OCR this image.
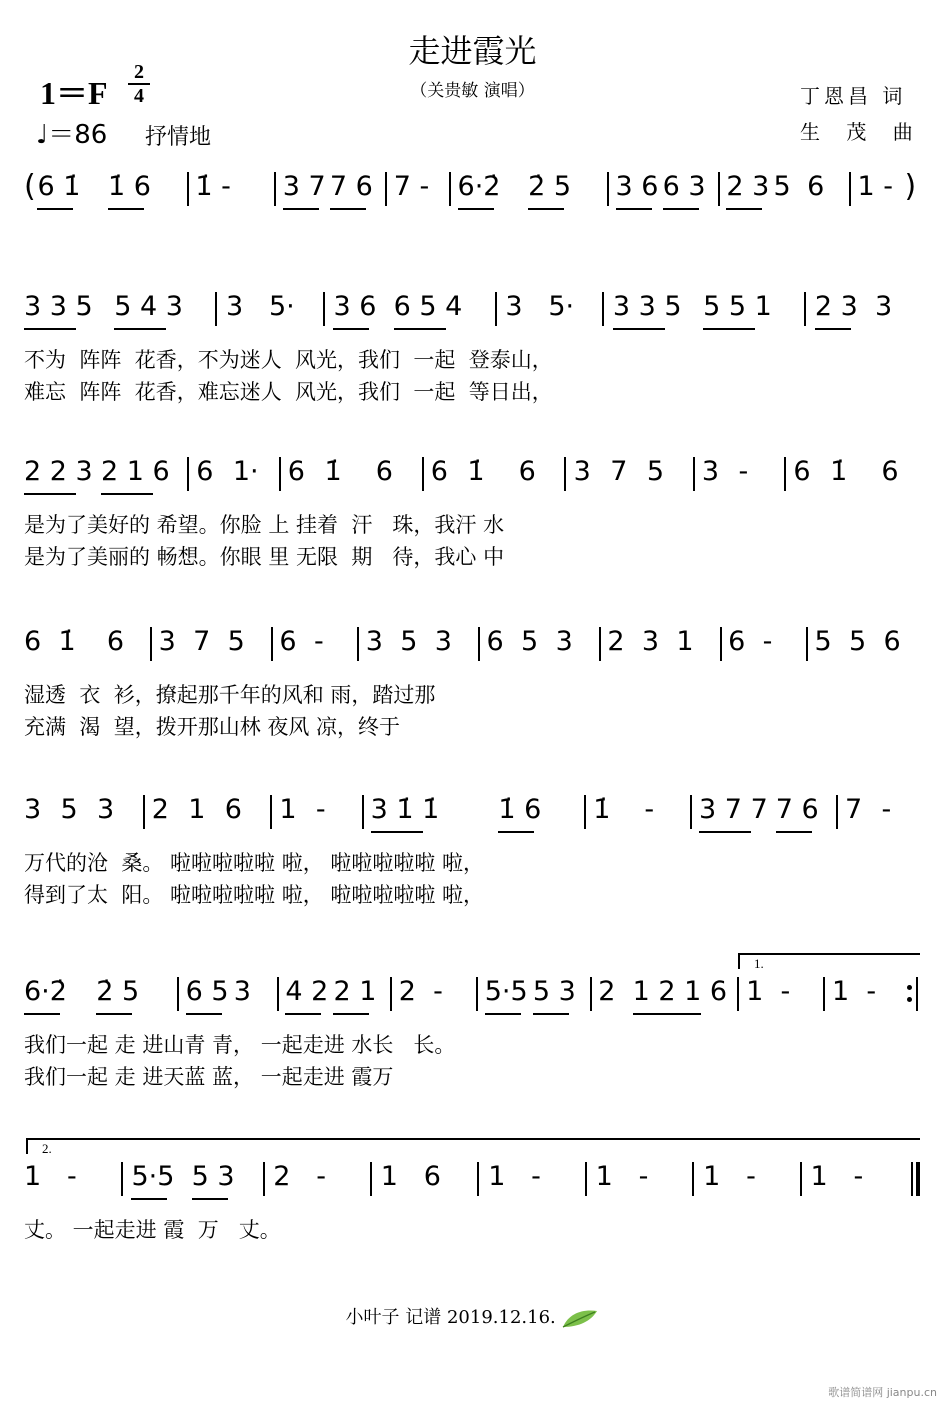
走进霞光
（关贵敏 演唱）
1＝F
2
4
♩＝86 抒情地
丁恩昌 词
生 茂 曲
( 6 1̇ 1̇ 6 1̇ - 3 7 7 6 7 - 6·2̇ 2̇ 5 3 6 6 3 2 3 5 6 1 - )
3 3 5 5 4 3 3 5· 3 6 6 5 4 3 5· 3 3 5 5 5 1 2 3 3
不为  阵阵  花香，不为迷人  风光，我们  一起  登泰山，
难忘  阵阵  花香，难忘迷人  风光，我们  一起  等日出，
2 2 3 2 1 6 6 1· 6 1̇ 6 6 1̇ 6 3 7 5 3 - 6 1̇ 6
是为了美好的 希望。你脸 上 挂着  汗   珠，我汗 水
是为了美丽的 畅想。你眼 里 无限  期   待，我心 中
6 1̇ 6 3 7 5 6 - 3 5 3 6 5 3 2 3 1 6 - 5 5 6
湿透  衣  衫，撩起那千年的风和 雨，踏过那
充满  渴  望，拨开那山林 夜风 凉，终于
3 5 3 2 1 6 1 - 3 1̇ 1̇ 1̇ 6 1̇ - 3 7 7 7 6 7 -
万代的沧  桑。 啦啦啦啦啦 啦， 啦啦啦啦啦 啦，
得到了太  阳。 啦啦啦啦啦 啦， 啦啦啦啦啦 啦，
1.
6·2̇ 2̇ 5 6 5 3 4 2 2 1 2 - 5·5 5 3 2 1 2 1 6 1 - 1 -
我们一起 走 进山青 青， 一起走进 水长   长。
我们一起 走 进天蓝 蓝， 一起走进 霞万
2.
1 - 5·5 5 3 2 - 1 6 1 - 1 - 1 - 1 -
丈。 一起走进 霞  万   丈。
小叶子 记谱 2019.12.16.
歌谱简谱网 jianpu.cn
